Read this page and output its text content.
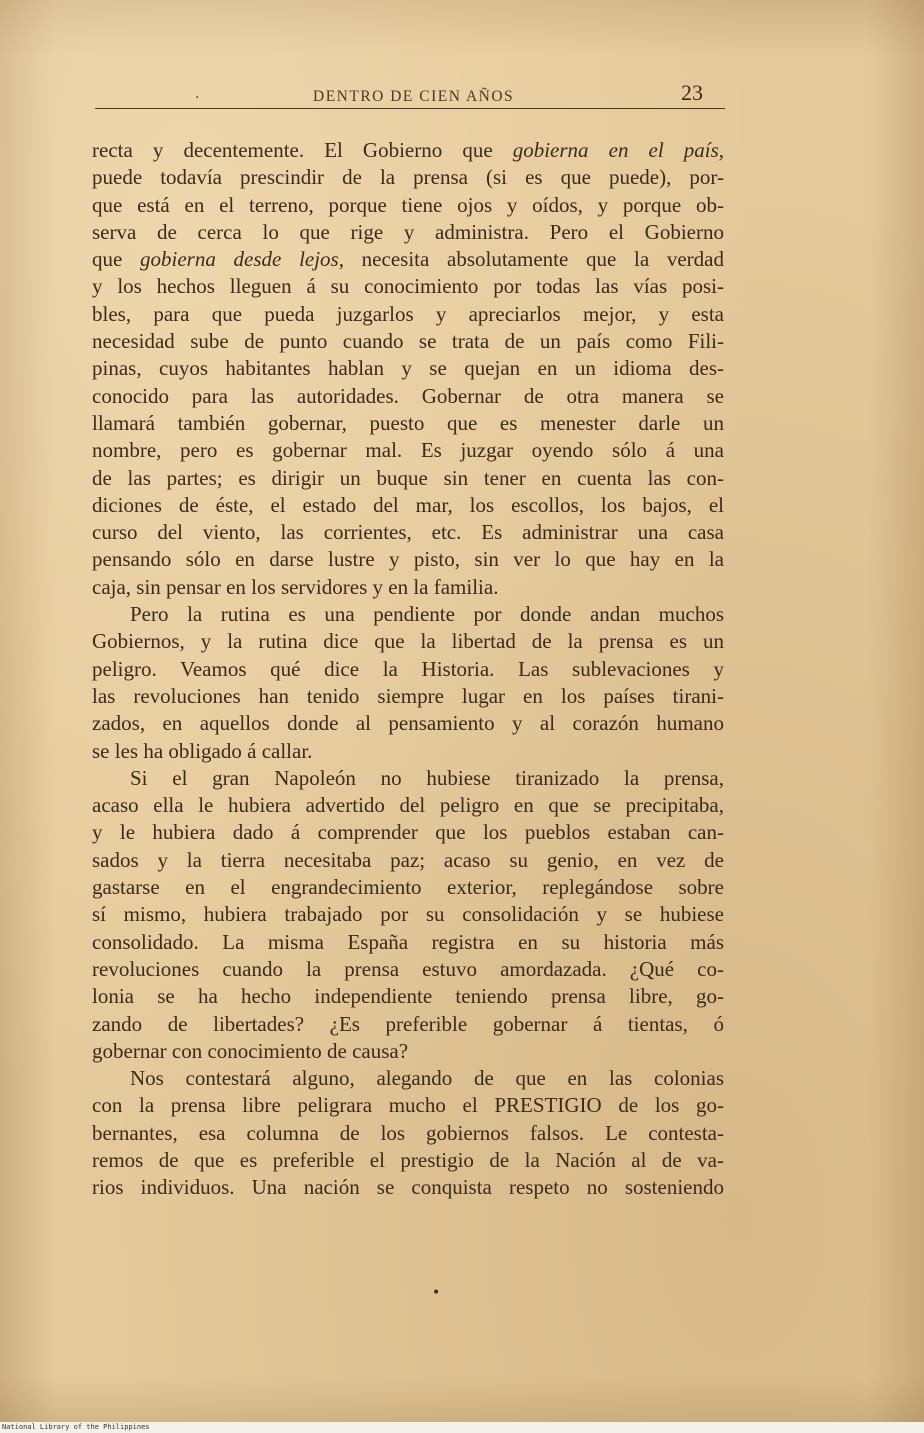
.	DENTRO DE CIEN AÑOS	23
recta y decentemente. El Gobierno que gobierna en el país,
puede todavía prescindir de la prensa (si es que puede), por-
que está en el terreno, porque tiene ojos y oídos, y porque ob-
serva de cerca lo que rige y administra. Pero el Gobierno
que gobierna desde lejos, necesita absolutamente que la verdad
y los hechos lleguen á su conocimiento por todas las vías posi-
bles, para que pueda juzgarlos y apreciarlos mejor, y esta
necesidad sube de punto cuando se trata de un país como Fili-
pinas, cuyos habitantes hablan y se quejan en un idioma des-
conocido para las autoridades. Gobernar de otra manera se
llamará también gobernar, puesto que es menester darle un
nombre, pero es gobernar mal. Es juzgar oyendo sólo á una
de las partes; es dirigir un buque sin tener en cuenta las con-
diciones de éste, el estado del mar, los escollos, los bajos, el
curso del viento, las corrientes, etc. Es administrar una casa
pensando sólo en darse lustre y pisto, sin ver lo que hay en la
caja, sin pensar en los servidores y en la familia.
Pero la rutina es una pendiente por donde andan muchos
Gobiernos, y la rutina dice que la libertad de la prensa es un
peligro. Veamos qué dice la Historia. Las sublevaciones y
las revoluciones han tenido siempre lugar en los países tirani-
zados, en aquellos donde al pensamiento y al corazón humano
se les ha obligado á callar.
Si el gran Napoleón no hubiese tiranizado la prensa,
acaso ella le hubiera advertido del peligro en que se precipitaba,
y le hubiera dado á comprender que los pueblos estaban can-
sados y la tierra necesitaba paz; acaso su genio, en vez de
gastarse en el engrandecimiento exterior, replegándose sobre
sí mismo, hubiera trabajado por su consolidación y se hubiese
consolidado. La misma España registra en su historia más
revoluciones cuando la prensa estuvo amordazada. ¿Qué co-
lonia se ha hecho independiente teniendo prensa libre, go-
zando de libertades? ¿Es preferible gobernar á tientas, ó
gobernar con conocimiento de causa?
Nos contestará alguno, alegando de que en las colonias
con la prensa libre peligrara mucho el PRESTIGIO de los go-
bernantes, esa columna de los gobiernos falsos. Le contesta-
remos de que es preferible el prestigio de la Nación al de va-
rios individuos. Una nación se conquista respeto no sosteniendo
•
National Library of the Philippines
